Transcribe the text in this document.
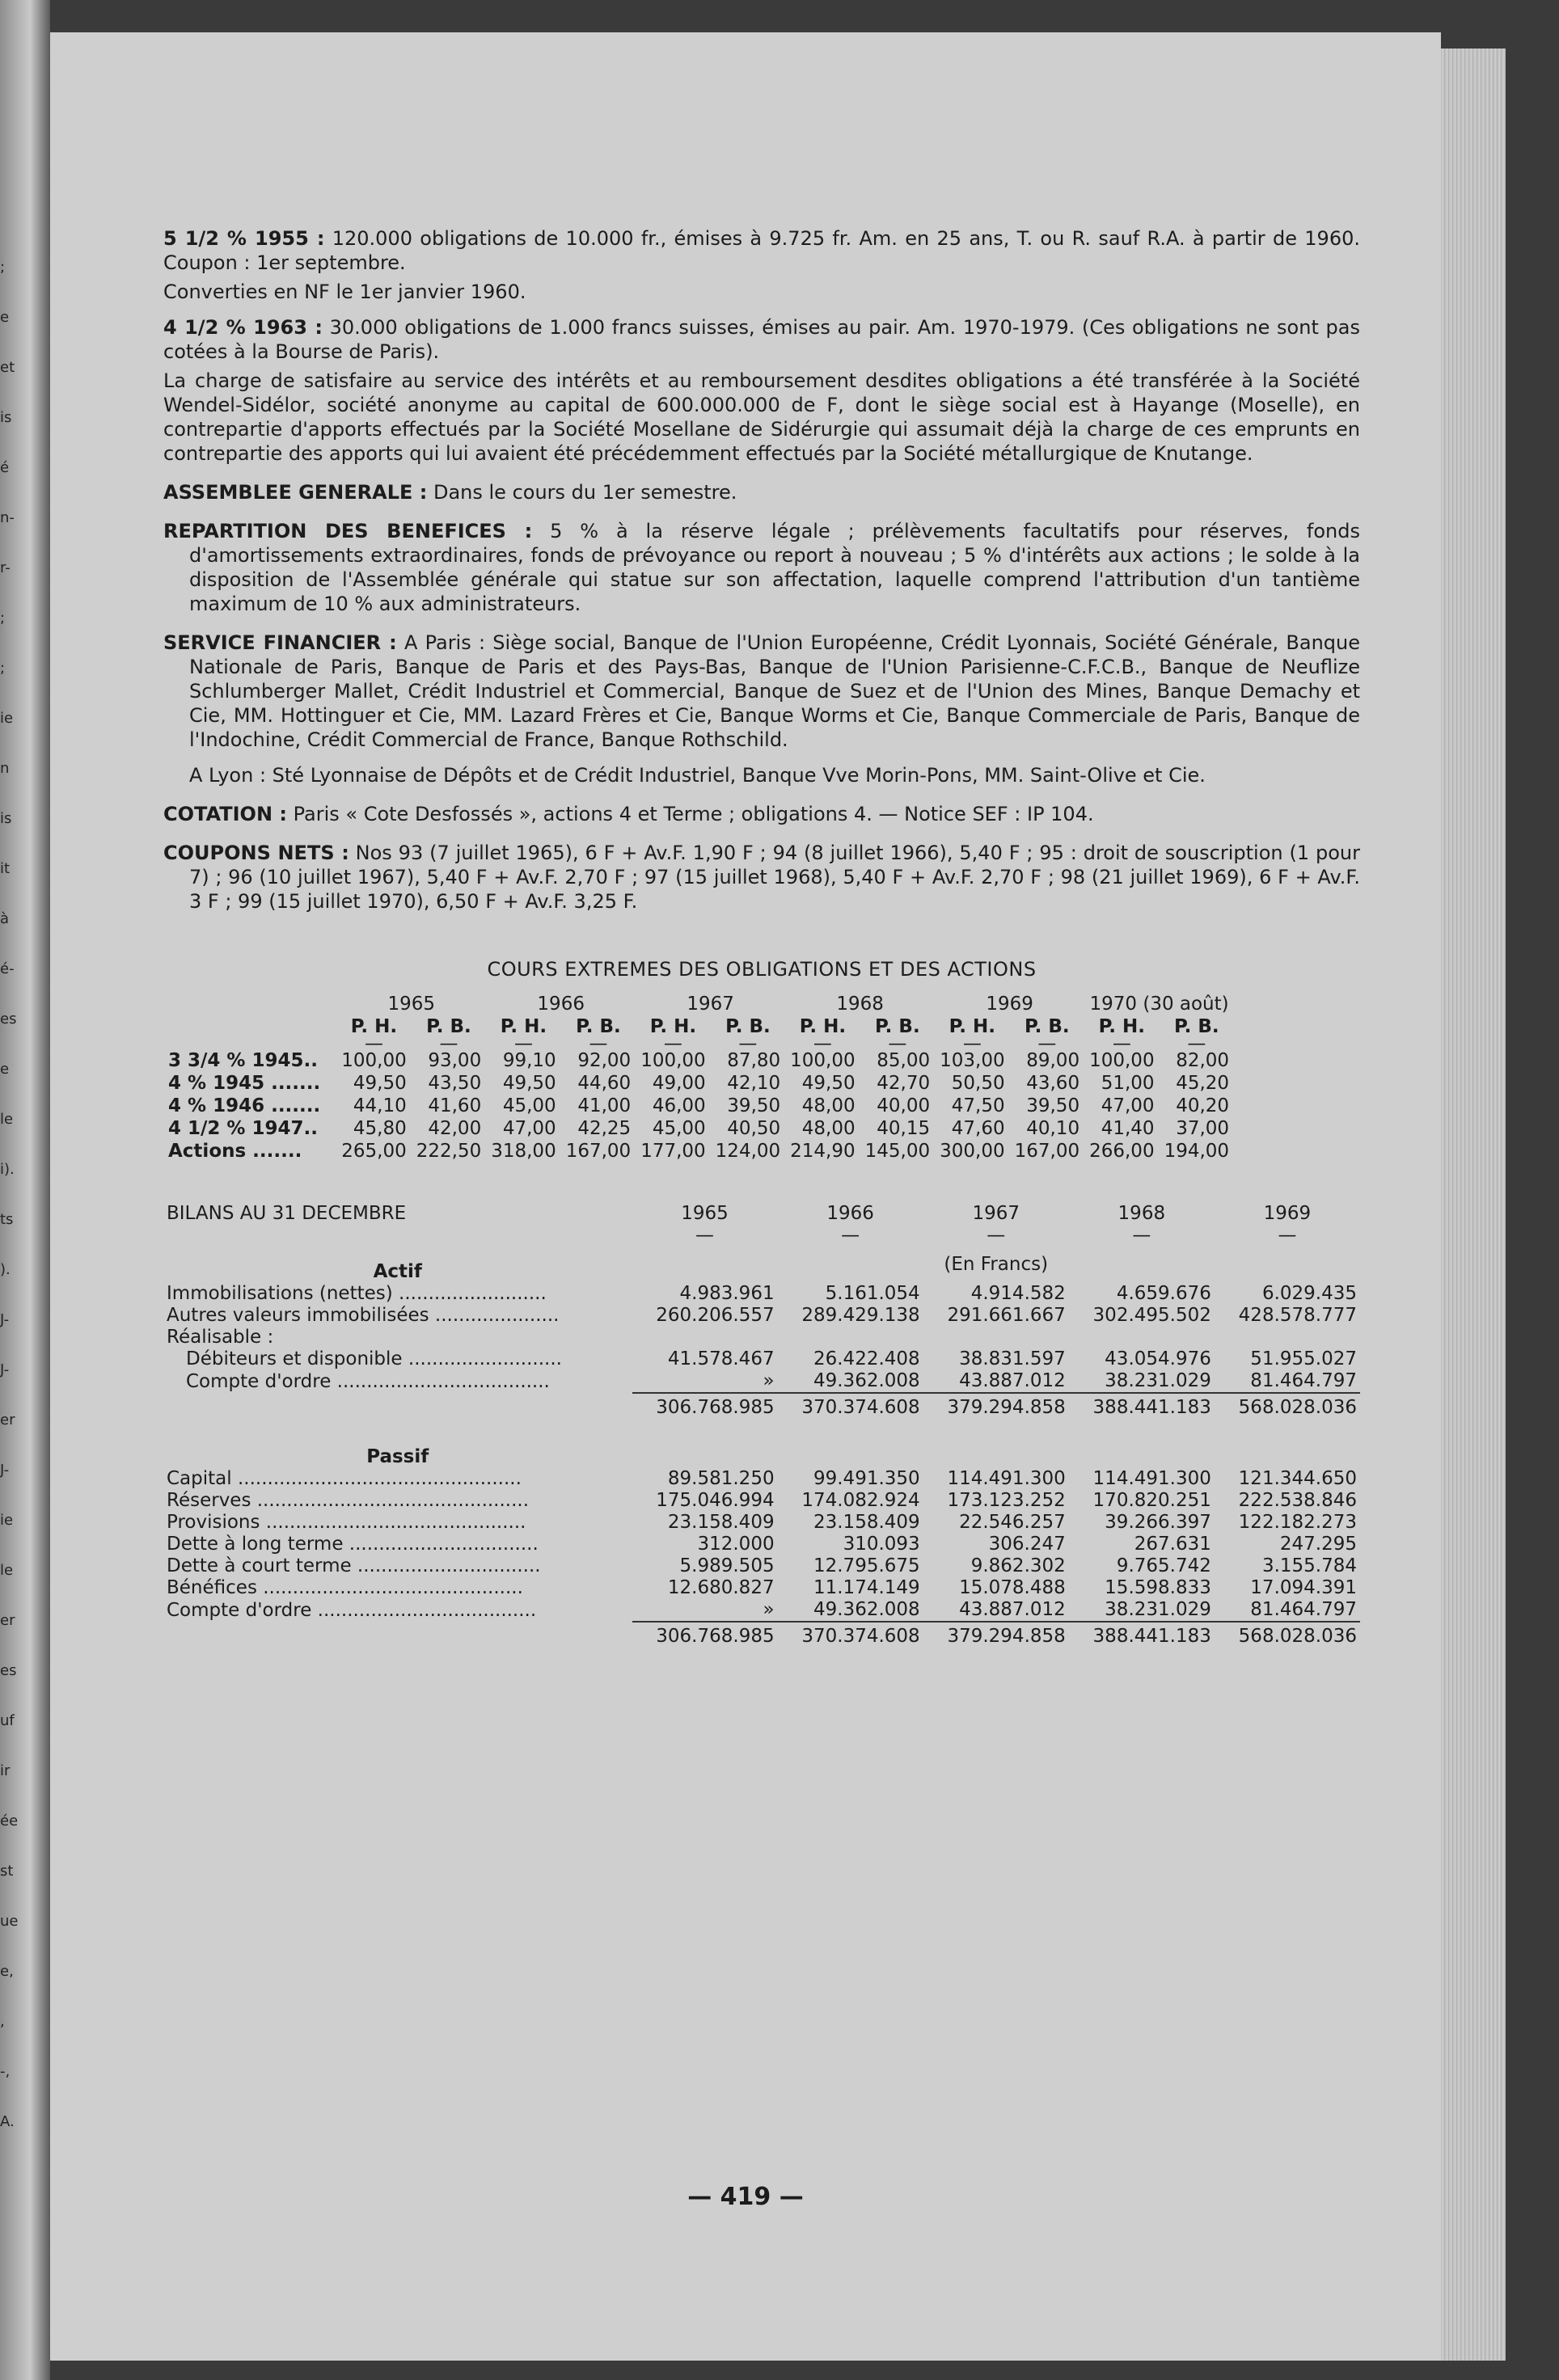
;
e
et
is
é
n-
r-
;
;
ie
n
is
it
à
é-
es
e
le
i).
ts
).
J-
J-
er
J-
ie
le
er
es
uf
ir
ée
st
ue
e,
,
-,
A.

5 1/2 % 1955 : 120.000 obligations de 10.000 fr., émises à 9.725 fr. Am. en 25 ans, T. ou R. sauf R.A. à partir de 1960. Coupon : 1er septembre.

Converties en NF le 1er janvier 1960.

4 1/2 % 1963 : 30.000 obligations de 1.000 francs suisses, émises au pair. Am. 1970-1979. (Ces obligations ne sont pas cotées à la Bourse de Paris).

La charge de satisfaire au service des intérêts et au remboursement desdites obligations a été transférée à la Société Wendel-Sidélor, société anonyme au capital de 600.000.000 de F, dont le siège social est à Hayange (Moselle), en contrepartie d'apports effectués par la Société Mosellane de Sidérurgie qui assumait déjà la charge de ces emprunts en contrepartie des apports qui lui avaient été précédemment effectués par la Société métallurgique de Knutange.

ASSEMBLEE GENERALE : Dans le cours du 1er semestre.

REPARTITION DES BENEFICES : 5 % à la réserve légale ; prélèvements facultatifs pour réserves, fonds d'amortissements extraordinaires, fonds de prévoyance ou report à nouveau ; 5 % d'intérêts aux actions ; le solde à la disposition de l'Assemblée générale qui statue sur son affectation, laquelle comprend l'attribution d'un tantième maximum de 10 % aux administrateurs.

SERVICE FINANCIER : A Paris : Siège social, Banque de l'Union Européenne, Crédit Lyonnais, Société Générale, Banque Nationale de Paris, Banque de Paris et des Pays-Bas, Banque de l'Union Parisienne-C.F.C.B., Banque de Neuflize Schlumberger Mallet, Crédit Industriel et Commercial, Banque de Suez et de l'Union des Mines, Banque Demachy et Cie, MM. Hottinguer et Cie, MM. Lazard Frères et Cie, Banque Worms et Cie, Banque Commerciale de Paris, Banque de l'Indochine, Crédit Commercial de France, Banque Rothschild.

A Lyon : Sté Lyonnaise de Dépôts et de Crédit Industriel, Banque Vve Morin-Pons, MM. Saint-Olive et Cie.

COTATION : Paris « Cote Desfossés », actions 4 et Terme ; obligations 4. — Notice SEF : IP 104.

COUPONS NETS : Nos 93 (7 juillet 1965), 6 F + Av.F. 1,90 F ; 94 (8 juillet 1966), 5,40 F ; 95 : droit de souscription (1 pour 7) ; 96 (10 juillet 1967), 5,40 F + Av.F. 2,70 F ; 97 (15 juillet 1968), 5,40 F + Av.F. 2,70 F ; 98 (21 juillet 1969), 6 F + Av.F. 3 F ; 99 (15 juillet 1970), 6,50 F + Av.F. 3,25 F.

COURS EXTREMES DES OBLIGATIONS ET DES ACTIONS
	1965		1966		1967		1968		1969		1970 (30 août)	
	P. H.	P. B.	P. H.	P. B.	P. H.	P. B.	P. H.	P. B.	P. H.	P. B.	P. H.	P. B.
	—	—	—	—	—	—	—	—	—	—	—	—
3 3/4 % 1945..	100,00	93,00	99,10	92,00	100,00	87,80	100,00	85,00	103,00	89,00	100,00	82,00
4 % 1945 .......	49,50	43,50	49,50	44,60	49,00	42,10	49,50	42,70	50,50	43,60	51,00	45,20
4 % 1946 .......	44,10	41,60	45,00	41,00	46,00	39,50	48,00	40,00	47,50	39,50	47,00	40,20
4 1/2 % 1947..	45,80	42,00	47,00	42,25	45,00	40,50	48,00	40,15	47,60	40,10	41,40	37,00
Actions .......	265,00	222,50	318,00	167,00	177,00	124,00	214,90	145,00	300,00	167,00	266,00	194,00
BILANS AU 31 DECEMBRE	1965	1966	1967	1968	1969
	—	—	—	—	—
Actif			(En Francs)		
Immobilisations (nettes) .........................	4.983.961	5.161.054	4.914.582	4.659.676	6.029.435
Autres valeurs immobilisées .....................	260.206.557	289.429.138	291.661.667	302.495.502	428.578.777
Réalisable :					
Débiteurs et disponible ..........................	41.578.467	26.422.408	38.831.597	43.054.976	51.955.027
Compte d'ordre ....................................	»	49.362.008	43.887.012	38.231.029	81.464.797
	306.768.985	370.374.608	379.294.858	388.441.183	568.028.036
Passif					
Capital ................................................	89.581.250	99.491.350	114.491.300	114.491.300	121.344.650
Réserves ..............................................	175.046.994	174.082.924	173.123.252	170.820.251	222.538.846
Provisions ............................................	23.158.409	23.158.409	22.546.257	39.266.397	122.182.273
Dette à long terme ................................	312.000	310.093	306.247	267.631	247.295
Dette à court terme ...............................	5.989.505	12.795.675	9.862.302	9.765.742	3.155.784
Bénéfices ............................................	12.680.827	11.174.149	15.078.488	15.598.833	17.094.391
Compte d'ordre .....................................	»	49.362.008	43.887.012	38.231.029	81.464.797
	306.768.985	370.374.608	379.294.858	388.441.183	568.028.036
— 419 —
